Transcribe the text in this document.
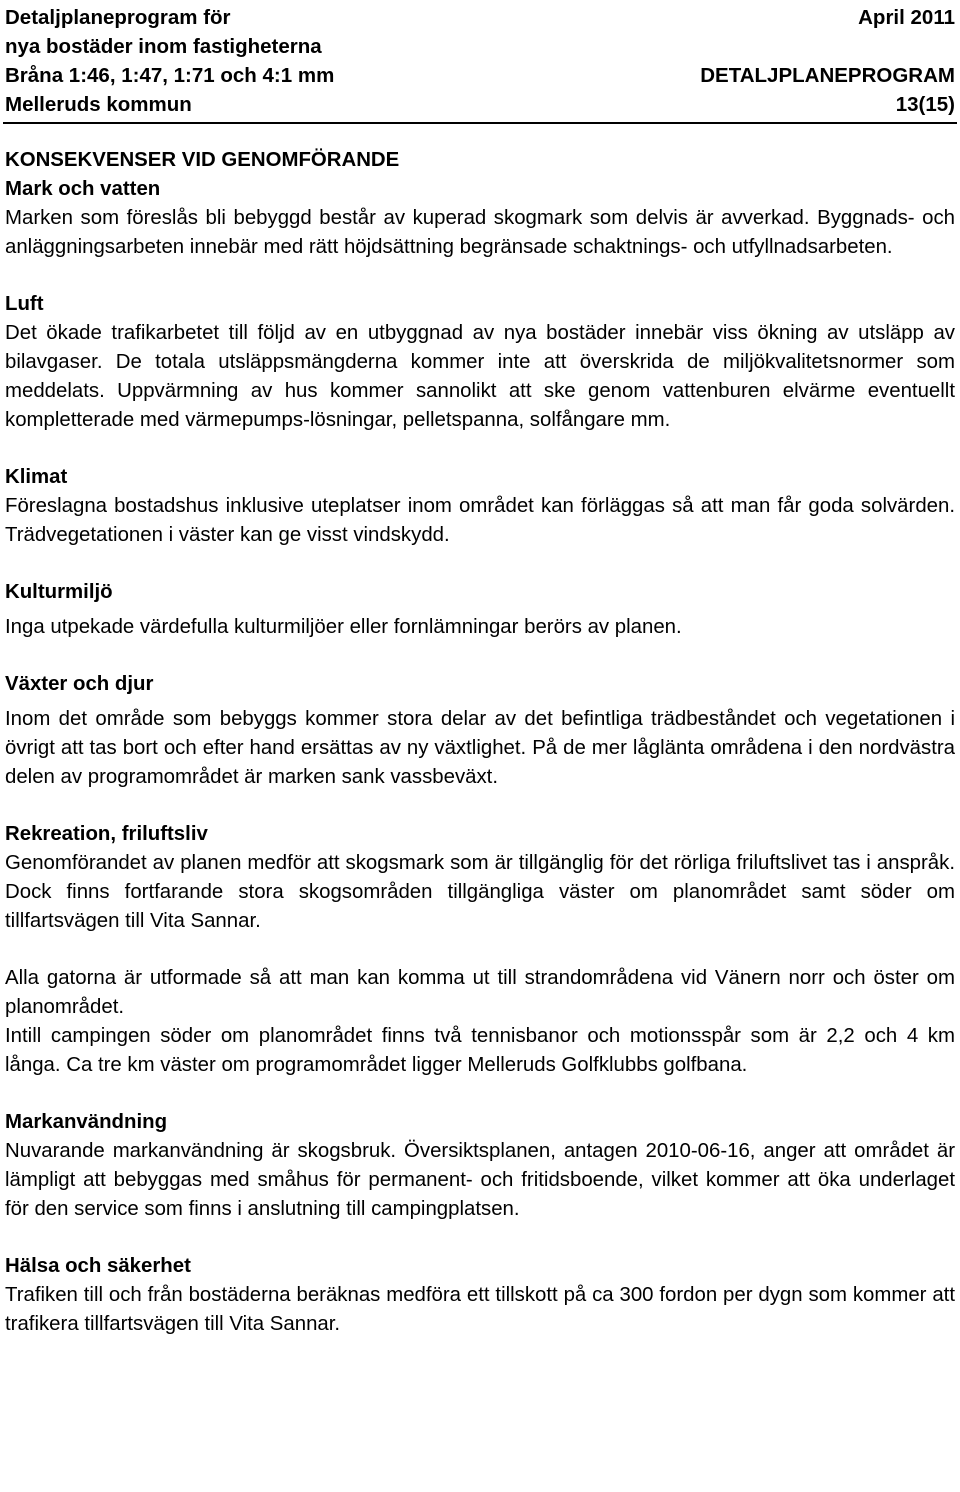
Detaljplaneprogram för	April 2011
nya bostäder inom fastigheterna
Bråna 1:46, 1:47, 1:71 och 4:1 mm	DETALJPLANEPROGRAM
Melleruds kommun	13(15)
KONSEKVENSER VID GENOMFÖRANDE
Mark och vatten
Marken som föreslås bli bebyggd består av kuperad skogmark som delvis är avverkad. Byggnads- och anläggningsarbeten innebär med rätt höjdsättning begränsade schaktnings- och utfyllnadsarbeten.
Luft
Det ökade trafikarbetet till följd av en utbyggnad av nya bostäder innebär viss ökning av utsläpp av bilavgaser. De totala utsläppsmängderna kommer inte att överskrida de miljökvalitetsnormer som meddelats. Uppvärmning av hus kommer sannolikt att ske genom vattenburen elvärme eventuellt kompletterade med värmepumps-lösningar, pelletspanna, solfångare mm.
Klimat
Föreslagna bostadshus inklusive uteplatser inom området kan förläggas så att man får goda solvärden. Trädvegetationen i väster kan ge visst vindskydd.
Kulturmiljö
Inga utpekade värdefulla kulturmiljöer eller fornlämningar berörs av planen.
Växter och djur
Inom det område som bebyggs kommer stora delar av det befintliga trädbeståndet och vegetationen i övrigt att tas bort och efter hand ersättas av ny växtlighet. På de mer låglänta områdena i den nordvästra delen av programområdet är marken sank vassbeväxt.
Rekreation, friluftsliv
Genomförandet av planen medför att skogsmark som är tillgänglig för det rörliga friluftslivet tas i anspråk. Dock finns fortfarande stora skogsområden tillgängliga väster om planområdet samt söder om tillfartsvägen till Vita Sannar.
Alla gatorna är utformade så att man kan komma ut till strandområdena vid Vänern norr och öster om planområdet.
Intill campingen söder om planområdet finns två tennisbanor och motionsspår som är 2,2 och 4 km långa. Ca tre km väster om programområdet ligger Melleruds Golfklubbs golfbana.
Markanvändning
Nuvarande markanvändning är skogsbruk. Översiktsplanen, antagen 2010-06-16, anger att området är lämpligt att bebyggas med småhus för permanent- och fritidsboende, vilket kommer att öka underlaget för den service som finns i anslutning till campingplatsen.
Hälsa och säkerhet
Trafiken till och från bostäderna beräknas medföra ett tillskott på ca 300 fordon per dygn som kommer att trafikera tillfartsvägen till Vita Sannar.
